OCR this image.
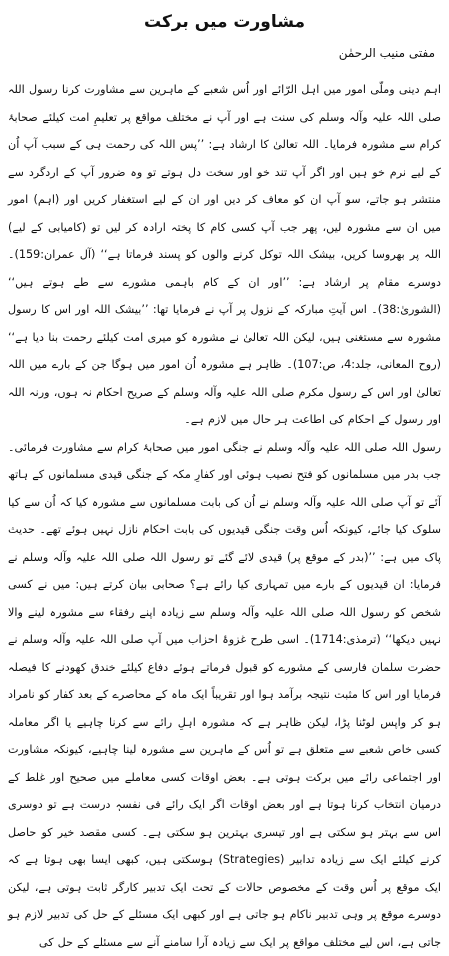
مشاورت میں برکت
مفتی منیب الرحمٰن

اہم دینی وملّی امور میں اہل الرّائے اور اُس شعبے کے ماہرین سے مشاورت کرنا رسول اللہ صلی اللہ علیہ وآلہ وسلم کی سنت ہے اور آپ نے مختلف مواقع پر تعلیمِ امت کیلئے صحابۂ کرام سے مشورہ فرمایا۔ اللہ تعالیٰ کا ارشاد ہے: ’’پس اللہ کی رحمت ہی کے سبب آپ اُن کے لیے نرم خو ہیں اور اگر آپ تند خو اور سخت دل ہوتے تو وہ ضرور آپ کے اردگرد سے منتشر ہو جاتے، سو آپ ان کو معاف کر دیں اور ان کے لیے استغفار کریں اور (اہم) امور میں ان سے مشورہ لیں، پھر جب آپ کسی کام کا پختہ ارادہ کر لیں تو (کامیابی کے لیے) اللہ پر بھروسا کریں، بیشک اللہ توکل کرنے والوں کو پسند فرماتا ہے‘‘ (آل عمران:159)۔ دوسرے مقام پر ارشاد ہے: ’’اور ان کے کام باہمی مشورے سے طے ہوتے ہیں‘‘ (الشوریٰ:38)۔ اس آیتِ مبارکہ کے نزول پر آپ نے فرمایا تھا: ’’بیشک اللہ اور اس کا رسول مشورہ سے مستغنی ہیں، لیکن اللہ تعالیٰ نے مشورہ کو میری امت کیلئے رحمت بنا دیا ہے‘‘ (روح المعانی، جلد:4، ص:107)۔ ظاہر ہے مشورہ اُن امور میں ہوگا جن کے بارے میں اللہ تعالیٰ اور اس کے رسول مکرم صلی اللہ علیہ وآلہ وسلم کے صریح احکام نہ ہوں، ورنہ اللہ اور رسول کے احکام کی اطاعت ہر حال میں لازم ہے۔

رسول اللہ صلی اللہ علیہ وآلہ وسلم نے جنگی امور میں صحابۂ کرام سے مشاورت فرمائی۔ جب بدر میں مسلمانوں کو فتح نصیب ہوئی اور کفارِ مکہ کے جنگی قیدی مسلمانوں کے ہاتھ آئے تو آپ صلی اللہ علیہ وآلہ وسلم نے اُن کی بابت مسلمانوں سے مشورہ کیا کہ اُن سے کیا سلوک کیا جائے، کیونکہ اُس وقت جنگی قیدیوں کی بابت احکام نازل نہیں ہوئے تھے۔ حدیث پاک میں ہے: ’’(بدر کے موقع پر) قیدی لائے گئے تو رسول اللہ صلی اللہ علیہ وآلہ وسلم نے فرمایا: ان قیدیوں کے بارے میں تمہاری کیا رائے ہے؟ صحابی بیان کرتے ہیں: میں نے کسی شخص کو رسول اللہ صلی اللہ علیہ وآلہ وسلم سے زیادہ اپنے رفقاء سے مشورہ لینے والا نہیں دیکھا‘‘ (ترمذی:1714)۔ اسی طرح غزوۂ احزاب میں آپ صلی اللہ علیہ وآلہ وسلم نے حضرت سلمان فارسی کے مشورے کو قبول فرماتے ہوئے دفاع کیلئے خندق کھودنے کا فیصلہ فرمایا اور اس کا مثبت نتیجہ برآمد ہوا اور تقریباً ایک ماہ کے محاصرے کے بعد کفار کو نامراد ہو کر واپس لوٹنا پڑا، لیکن ظاہر ہے کہ مشورہ اہلِ رائے سے کرنا چاہیے یا اگر معاملہ کسی خاص شعبے سے متعلق ہے تو اُس کے ماہرین سے مشورہ لینا چاہیے، کیونکہ مشاورت اور اجتماعی رائے میں برکت ہوتی ہے۔ بعض اوقات کسی معاملے میں صحیح اور غلط کے درمیان انتخاب کرنا ہوتا ہے اور بعض اوقات اگر ایک رائے فی نفسہٖ درست ہے تو دوسری اس سے بہتر ہو سکتی ہے اور تیسری بہترین ہو سکتی ہے۔ کسی مقصد خیر کو حاصل کرنے کیلئے ایک سے زیادہ تدابیر (Strategies) ہوسکتی ہیں، کبھی ایسا بھی ہوتا ہے کہ ایک موقع پر اُس وقت کے مخصوص حالات کے تحت ایک تدبیر کارگر ثابت ہوتی ہے، لیکن دوسرے موقع پر وہی تدبیر ناکام ہو جاتی ہے اور کبھی ایک مسئلے کے حل کی تدبیر لازم ہو جاتی ہے، اس لیے مختلف مواقع پر ایک سے زیادہ آرا سامنے آنے سے مسئلے کے حل کی
